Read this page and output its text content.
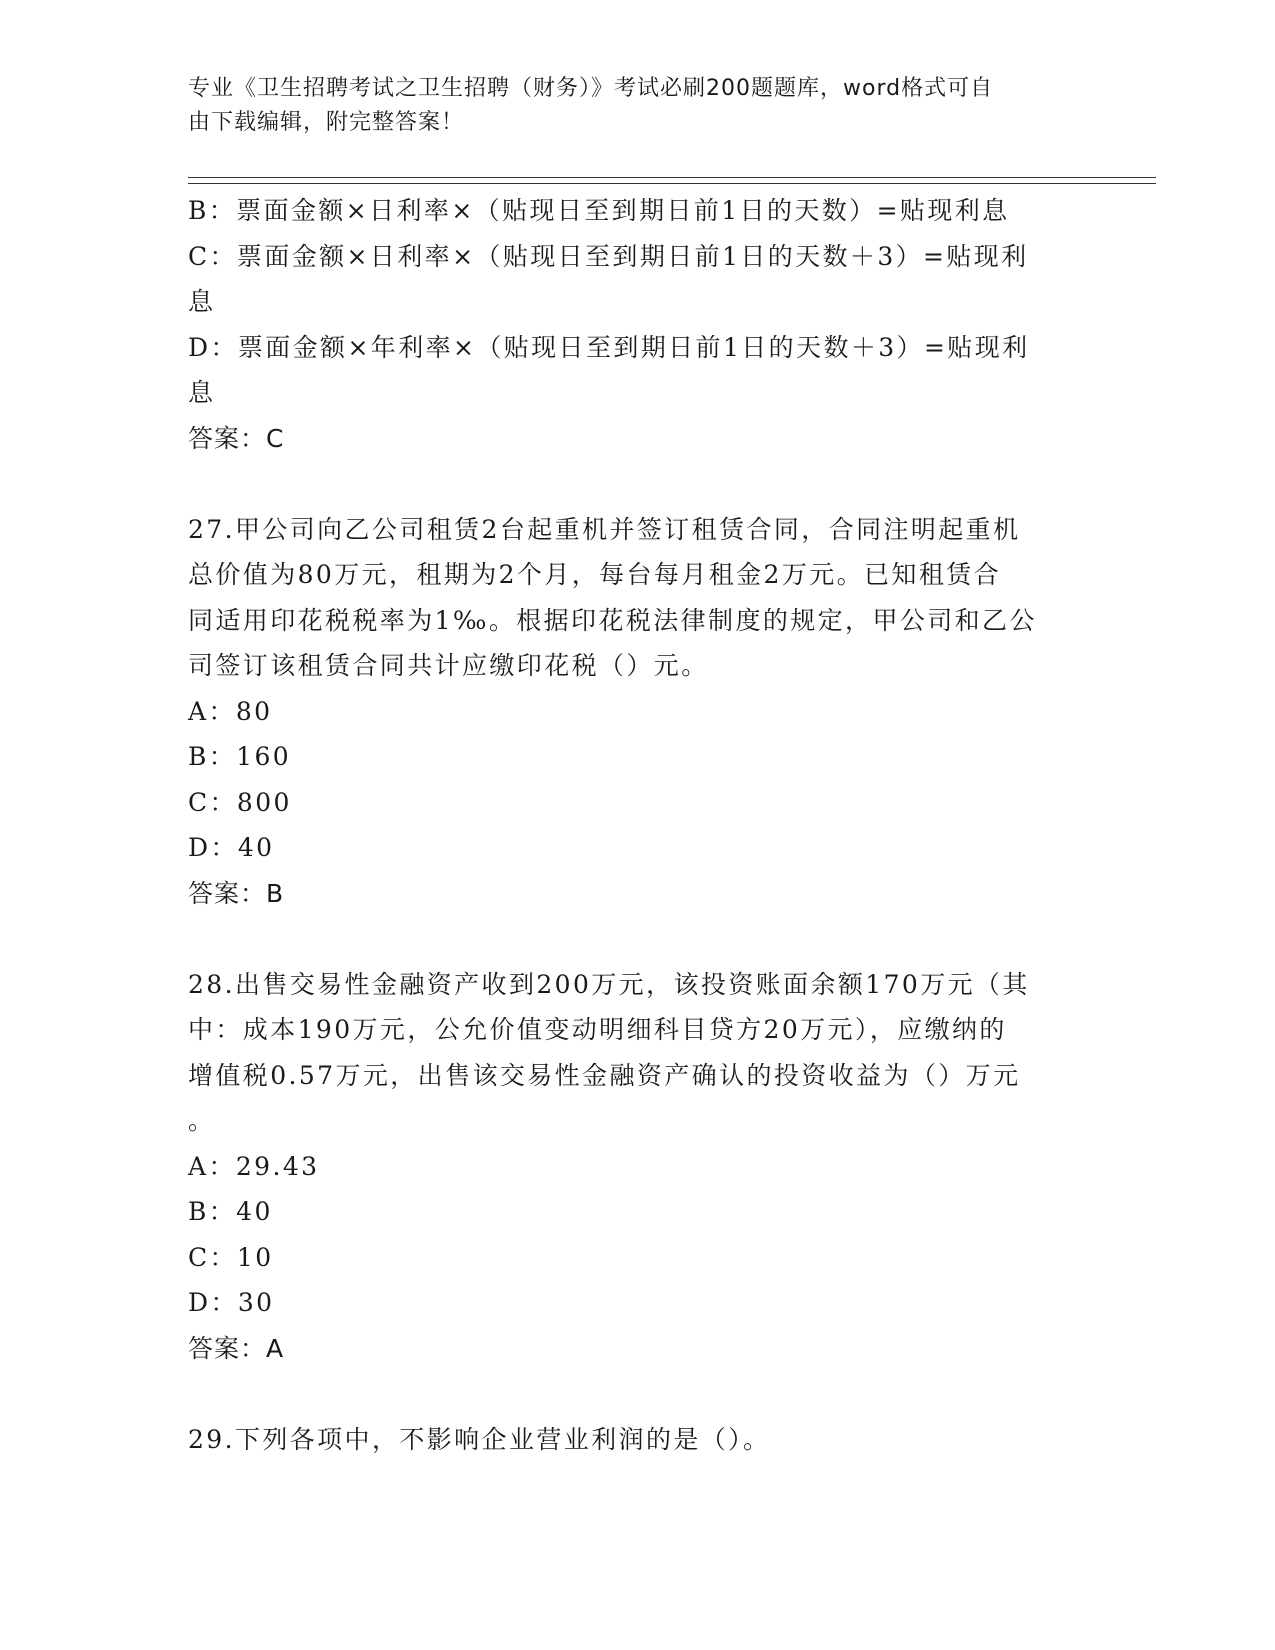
专业《卫生招聘考试之卫生招聘（财务）》考试必刷200题题库，word格式可自
由下载编辑，附完整答案！

B：票面金额×日利率×（贴现日至到期日前1日的天数）=贴现利息

C：票面金额×日利率×（贴现日至到期日前1日的天数＋3）=贴现利

息

D：票面金额×年利率×（贴现日至到期日前1日的天数＋3）=贴现利

息

答案：C

27.甲公司向乙公司租赁2台起重机并签订租赁合同，合同注明起重机

总价值为80万元，租期为2个月，每台每月租金2万元。已知租赁合

同适用印花税税率为1‰。根据印花税法律制度的规定，甲公司和乙公

司签订该租赁合同共计应缴印花税（）元。

A：80

B：160

C：800

D：40

答案：B

28.出售交易性金融资产收到200万元，该投资账面余额170万元（其

中：成本190万元，公允价值变动明细科目贷方20万元），应缴纳的

增值税0.57万元，出售该交易性金融资产确认的投资收益为（）万元

。

A：29.43

B：40

C：10

D：30

答案：A

29.下列各项中，不影响企业营业利润的是（）。
